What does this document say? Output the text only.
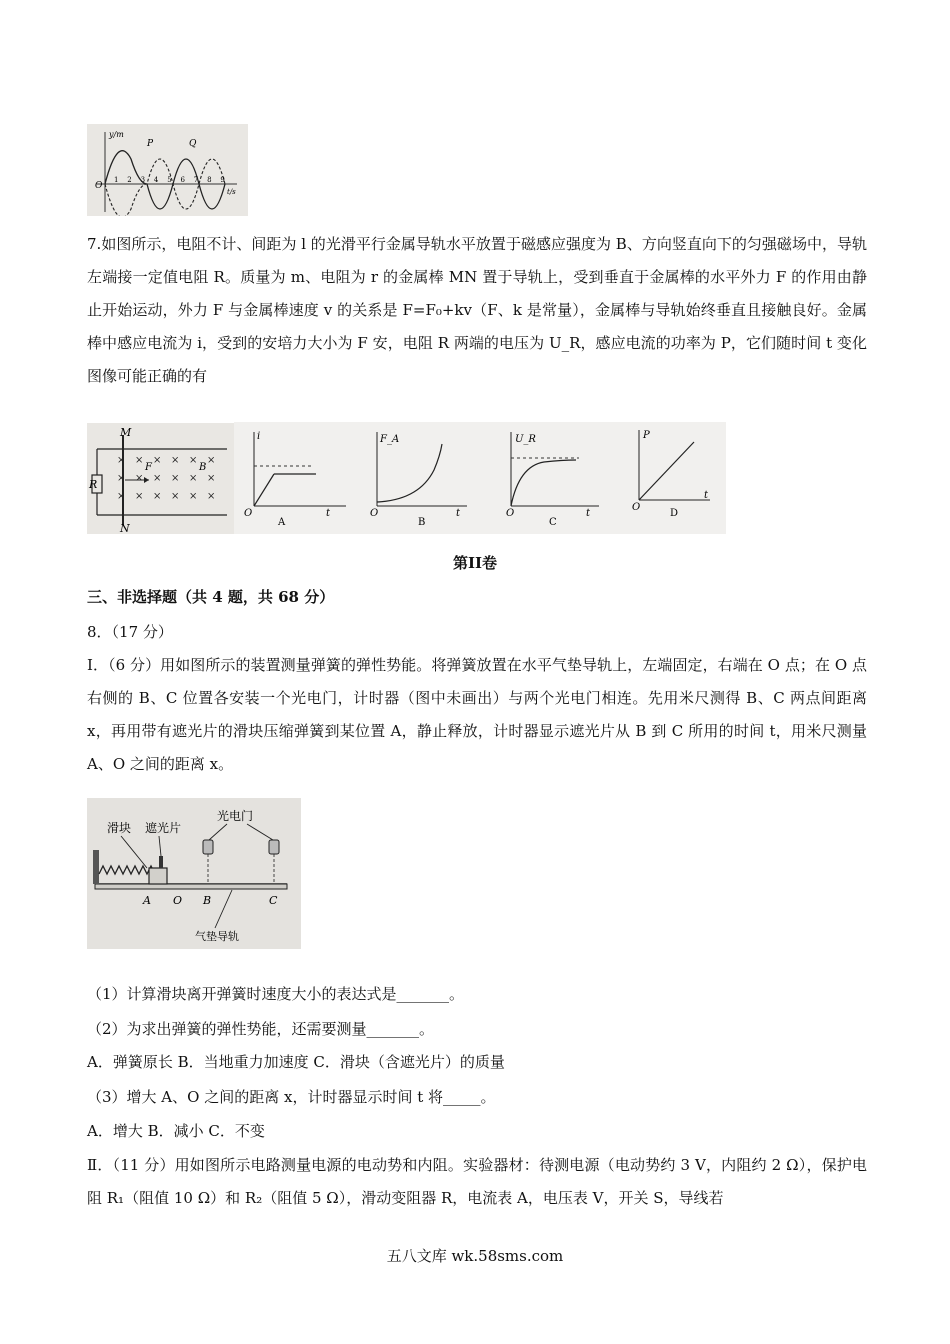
y/m
t/s
O
P	Q
1 2 3 4 5 6 7 8 9

7.如图所示，电阻不计、间距为 l 的光滑平行金属导轨水平放置于磁感应强度为 B、方向竖直向下的匀强磁场中，导轨左端接一定值电阻 R。质量为 m、电阻为 r 的金属棒 MN 置于导轨上，受到垂直于金属棒的水平外力 F 的作用由静止开始运动，外力 F 与金属棒速度 v 的关系是 F=F₀+kv（F、k 是常量），金属棒与导轨始终垂直且接触良好。金属棒中感应电流为 i，受到的安培力大小为 F 安，电阻 R 两端的电压为 U_R，感应电流的功率为 P，它们随时间 t 变化图像可能正确的有

R
M
N
F	B
× × × × × ×
× × × × × ×
× × × × × ×
i
t
O
A
F_A
t
O
B
U_R
t
O
C
P
t
O
D

第II卷

三、非选择题（共 4 题，共 68 分）

8．（17 分）

I．（6 分）用如图所示的装置测量弹簧的弹性势能。将弹簧放置在水平气垫导轨上，左端固定，右端在 O 点；在 O 点右侧的 B、C 位置各安装一个光电门，计时器（图中未画出）与两个光电门相连。先用米尺测得 B、C 两点间距离 x，再用带有遮光片的滑块压缩弹簧到某位置 A，静止释放，计时器显示遮光片从 B 到 C 所用的时间 t，用米尺测量 A、O 之间的距离 x。

滑块 遮光片
光电门
A O B	C
气垫导轨

（1）计算滑块离开弹簧时速度大小的表达式是_______。

（2）为求出弹簧的弹性势能，还需要测量_______。

A．弹簧原长 B．当地重力加速度 C．滑块（含遮光片）的质量

（3）增大 A、O 之间的距离 x，计时器显示时间 t 将_____。

A．增大 B．减小 C．不变

Ⅱ．（11 分）用如图所示电路测量电源的电动势和内阻。实验器材：待测电源（电动势约 3 V，内阻约 2 Ω），保护电阻 R₁（阻值 10 Ω）和 R₂（阻值 5 Ω），滑动变阻器 R，电流表 A，电压表 V，开关 S，导线若

五八文库 wk.58sms.com
